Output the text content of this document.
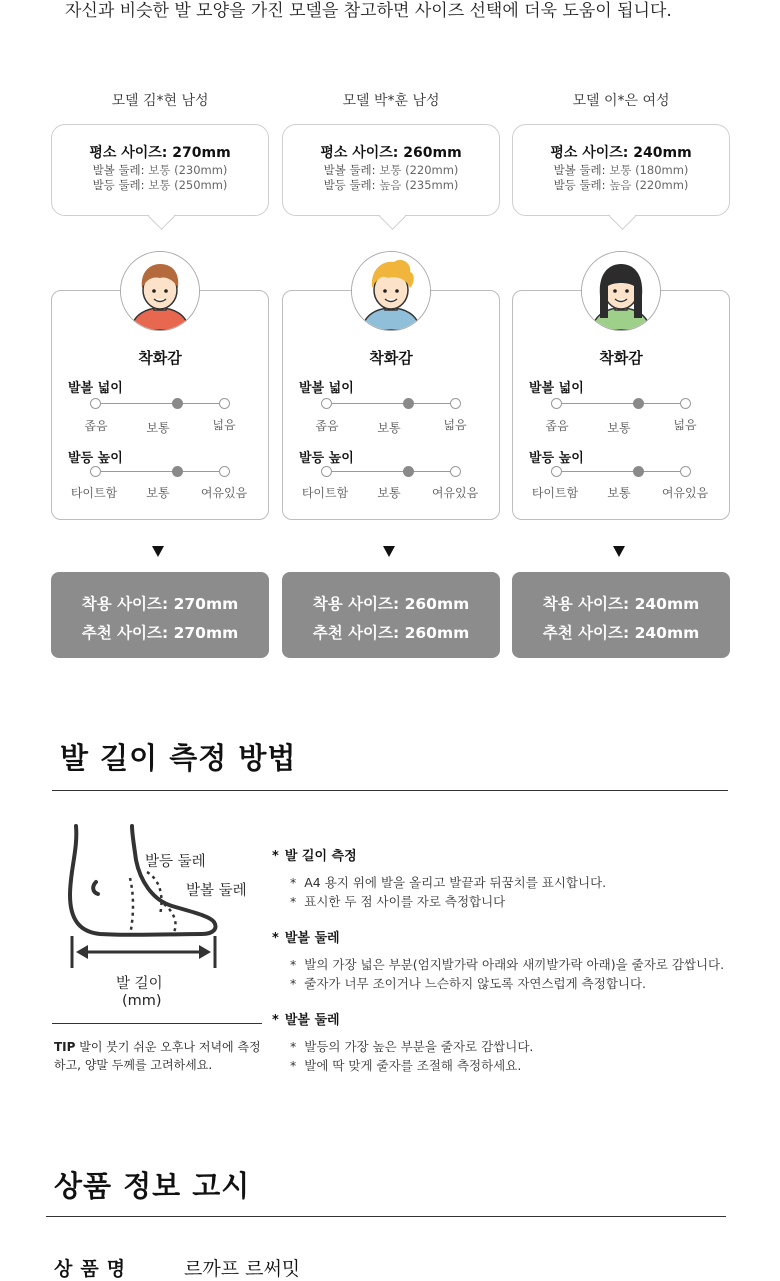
자신과 비슷한 발 모양을 가진 모델을 참고하면 사이즈 선택에 더욱 도움이 됩니다.
모델 김*현 남성
평소 사이즈: 270mm
발볼 둘레: 보통 (230mm)
발등 둘레: 보통 (250mm)
착화감
발볼 넓이
좁음	보통	넓음
발등 높이
타이트함 보통	여유있음
착용 사이즈: 270mm
추천 사이즈: 270mm
모델 박*훈 남성
평소 사이즈: 260mm
발볼 둘레: 보통 (220mm)
발등 둘레: 높음 (235mm)
착화감
발볼 넓이
좁음	보통	넓음
발등 높이
타이트함 보통	여유있음
착용 사이즈: 260mm
추천 사이즈: 260mm
모델 이*은 여성
평소 사이즈: 240mm
발볼 둘레: 보통 (180mm)
발등 둘레: 높음 (220mm)
착화감
발볼 넓이
좁음	보통	넓음
발등 높이
타이트함 보통	여유있음
착용 사이즈: 240mm
추천 사이즈: 240mm
발 길이 측정 방법
발등 둘레
발볼 둘레
발 길이
(mm)
TIP 발이 붓기 쉬운 오후나 저녁에 측정하고, 양말 두께를 고려하세요.
* 발 길이 측정
* A4 용지 위에 발을 올리고 발끝과 뒤꿈치를 표시합니다.
* 표시한 두 점 사이를 자로 측정합니다
* 발볼 둘레
* 발의 가장 넓은 부분(엄지발가락 아래와 새끼발가락 아래)을 줄자로 감쌉니다.
* 줄자가 너무 조이거나 느슨하지 않도록 자연스럽게 측정합니다.
* 발볼 둘레
* 발등의 가장 높은 부분을 줄자로 감쌉니다.
* 발에 딱 맞게 줄자를 조절해 측정하세요.
상품 정보 고시
상품명	르까프 르써밋
